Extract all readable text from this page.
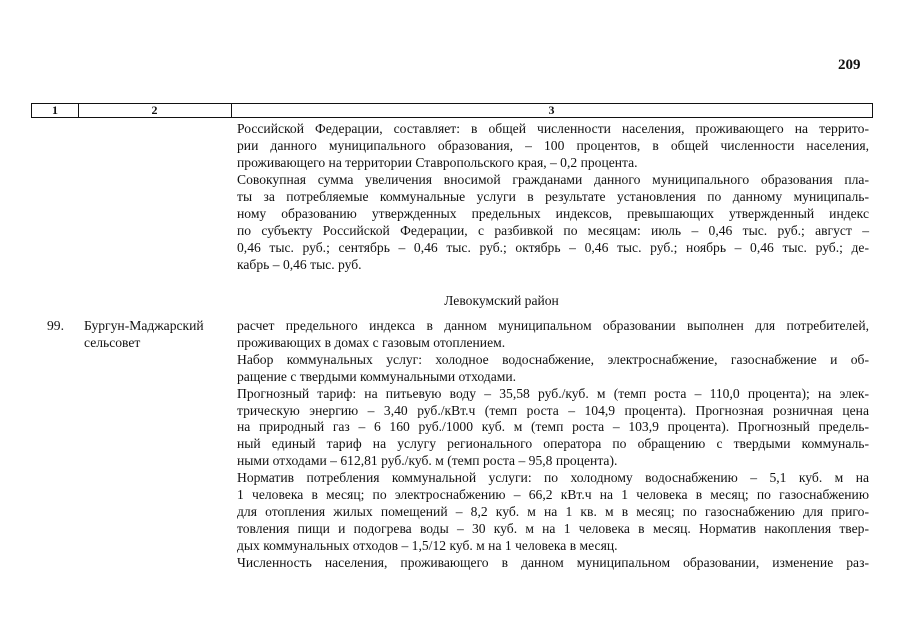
209
1	2	3
Российской Федерации, составляет: в общей численности населения, проживающего на террито-
рии данного муниципального образования, – 100 процентов, в общей численности населения,
проживающего на территории Ставропольского края, – 0,2 процента.
Совокупная сумма увеличения вносимой гражданами данного муниципального образования пла-
ты за потребляемые коммунальные услуги в результате установления по данному муниципаль-
ному образованию утвержденных предельных индексов, превышающих утвержденный индекс
по субъекту Российской Федерации, с разбивкой по месяцам: июль – 0,46 тыс. руб.; август –
0,46 тыс. руб.; сентябрь – 0,46 тыс. руб.; октябрь – 0,46 тыс. руб.; ноябрь – 0,46 тыс. руб.; де-
кабрь – 0,46 тыс. руб.
Левокумский район
99. Бургун-Маджарский
сельсовет
расчет предельного индекса в данном муниципальном образовании выполнен для потребителей,
проживающих в домах с газовым отоплением.
Набор коммунальных услуг: холодное водоснабжение, электроснабжение, газоснабжение и об-
ращение с твердыми коммунальными отходами.
Прогнозный тариф: на питьевую воду – 35,58 руб./куб. м (темп роста – 110,0 процента); на элек-
трическую энергию – 3,40 руб./кВт.ч (темп роста – 104,9 процента). Прогнозная розничная цена
на природный газ – 6 160 руб./1000 куб. м (темп роста – 103,9 процента). Прогнозный предель-
ный единый тариф на услугу регионального оператора по обращению с твердыми коммуналь-
ными отходами – 612,81 руб./куб. м (темп роста – 95,8 процента).
Норматив потребления коммунальной услуги: по холодному водоснабжению – 5,1 куб. м на
1 человека в месяц; по электроснабжению – 66,2 кВт.ч на 1 человека в месяц; по газоснабжению
для отопления жилых помещений – 8,2 куб. м на 1 кв. м в месяц; по газоснабжению для приго-
товления пищи и подогрева воды – 30 куб. м на 1 человека в месяц. Норматив накопления твер-
дых коммунальных отходов – 1,5/12 куб. м на 1 человека в месяц.
Численность населения, проживающего в данном муниципальном образовании, изменение раз-
